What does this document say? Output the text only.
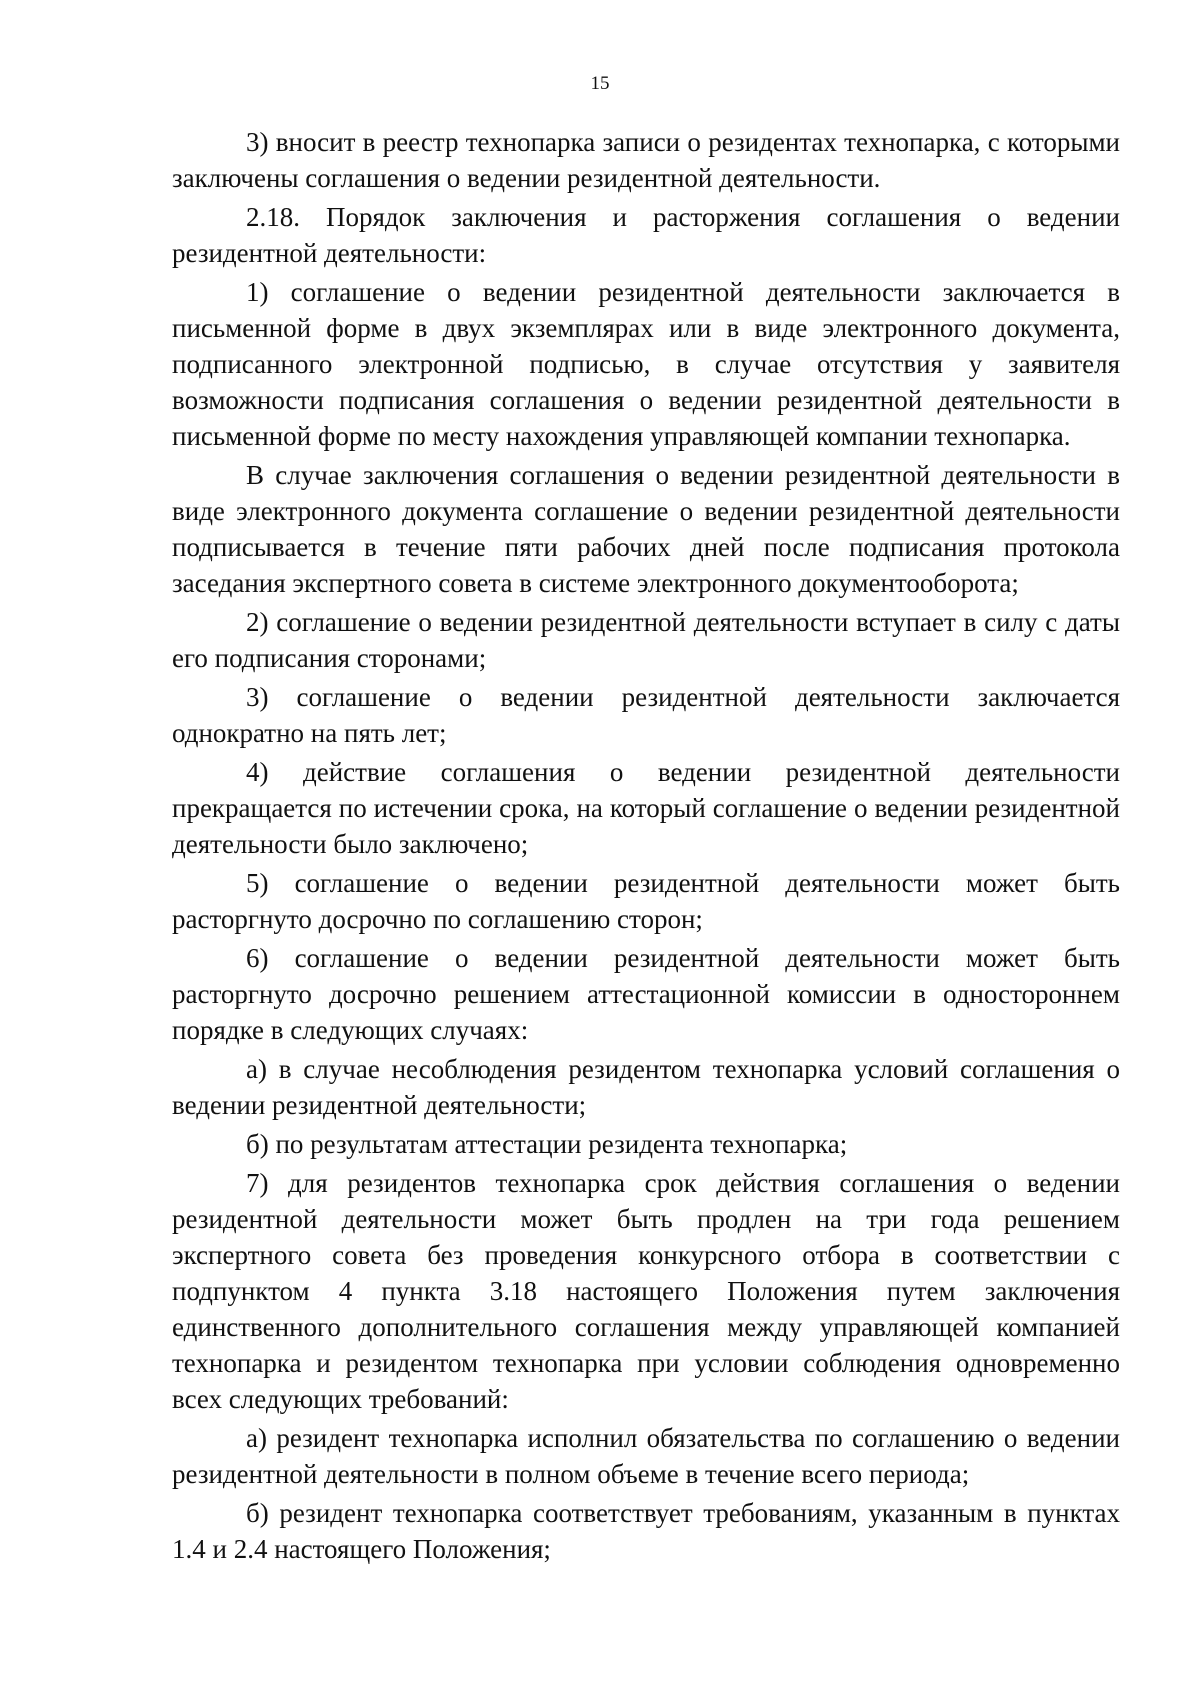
15

3) вносит в реестр технопарка записи о резидентах технопарка, с которыми заключены соглашения о ведении резидентной деятельности.

2.18. Порядок заключения и расторжения соглашения о ведении резидентной деятельности:

1) соглашение о ведении резидентной деятельности заключается в письменной форме в двух экземплярах или в виде электронного документа, подписанного электронной подписью, в случае отсутствия у заявителя возможности подписания соглашения о ведении резидентной деятельности в письменной форме по месту нахождения управляющей компании технопарка.

В случае заключения соглашения о ведении резидентной деятельности в виде электронного документа соглашение о ведении резидентной деятельности подписывается в течение пяти рабочих дней после подписания протокола заседания экспертного совета в системе электронного документооборота;

2) соглашение о ведении резидентной деятельности вступает в силу с даты его подписания сторонами;

3) соглашение о ведении резидентной деятельности заключается однократно на пять лет;

4) действие соглашения о ведении резидентной деятельности прекращается по истечении срока, на который соглашение о ведении резидентной деятельности было заключено;

5) соглашение о ведении резидентной деятельности может быть расторгнуто досрочно по соглашению сторон;

6) соглашение о ведении резидентной деятельности может быть расторгнуто досрочно решением аттестационной комиссии в одностороннем порядке в следующих случаях:

а) в случае несоблюдения резидентом технопарка условий соглашения о ведении резидентной деятельности;

б) по результатам аттестации резидента технопарка;

7) для резидентов технопарка срок действия соглашения о ведении резидентной деятельности может быть продлен на три года решением экспертного совета без проведения конкурсного отбора в соответствии с подпунктом 4 пункта 3.18 настоящего Положения путем заключения единственного дополнительного соглашения между управляющей компанией технопарка и резидентом технопарка при условии соблюдения одновременно всех следующих требований:

а) резидент технопарка исполнил обязательства по соглашению о ведении резидентной деятельности в полном объеме в течение всего периода;

б) резидент технопарка соответствует требованиям, указанным в пунктах 1.4 и 2.4 настоящего Положения;
